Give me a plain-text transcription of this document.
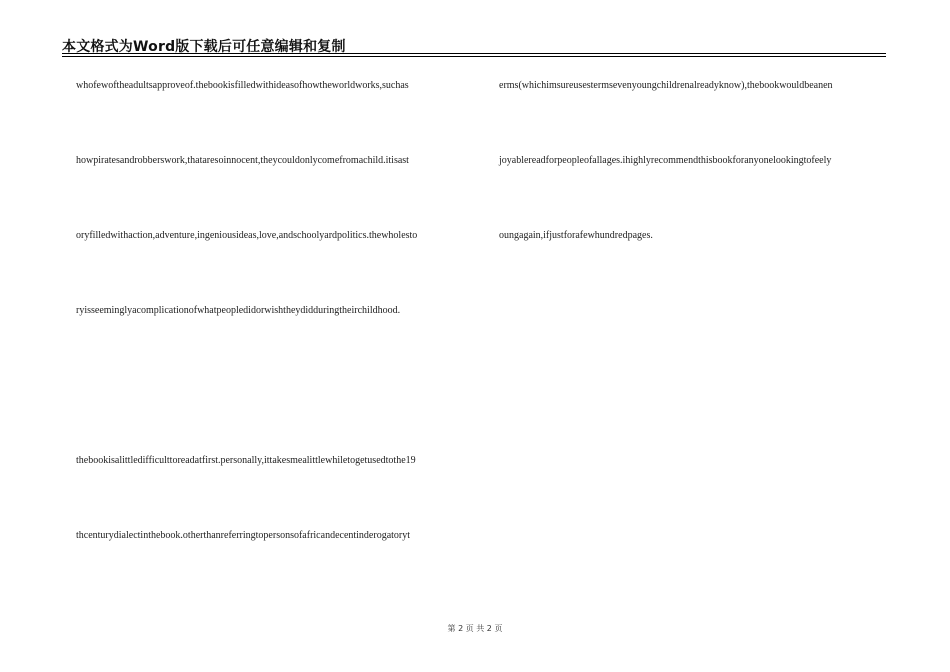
本文格式为Word版下载后可任意编辑和复制
whofewoftheadultsapproveof.thebookisfilledwithideasofhowtheworldworks,suchas
howpiratesandrobberswork,thataresoinnocent,theycouldonlycomefromachild.itisast
oryfilledwithaction,adventure,ingeniousideas,love,andschoolyardpolitics.thewholesto
ryisseeminglyacomplicationofwhatpeopledidorwishtheydidduringtheirchildhood.
thebookisalittledifficulttoreadatfirst.personally,ittakesmealittlewhiletogetusedtothe19
thcenturydialectinthebook.otherthanreferringtopersonsofafricandecentinderogatoryt
erms(whichimsureusestermsevenyoungchildrenalreadyknow),thebookwouldbeanen
joyablereadforpeopleofallages.ihighlyrecommendthisbookforanyonelookingtofeely
oungagain,ifjustforafewhundredpages.
第 2 页 共 2 页
